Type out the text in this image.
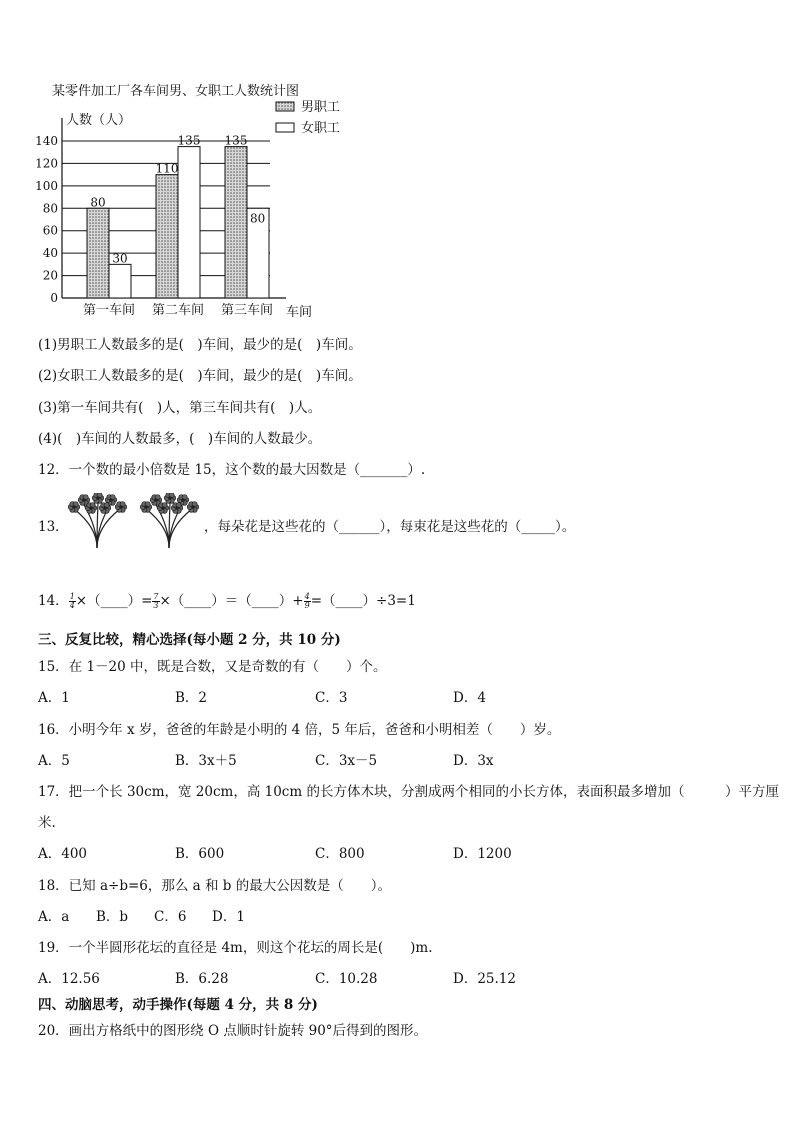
某零件加工厂各车间男、女职工人数统计图
0
20
40
60
80
100
120
140
人数（人）
车间
80
30
第一车间
110
135
第二车间
135
80
第三车间
男职工
女职工
(1)男职工人数最多的是(　)车间，最少的是(　)车间。
(2)女职工人数最多的是(　)车间，最少的是(　)车间。
(3)第一车间共有(　)人，第三车间共有(　)人。
(4)(　)车间的人数最多，(　)车间的人数最少。
12．一个数的最小倍数是 15，这个数的最大因数是（_______）.
13．	，每朵花是这些花的（______），每束花是这些花的（_____）。
14． $\frac{1}{4}$ ×（____）= $\frac{7}{3}$ ×（____）＝（____）+ $\frac{4}{9}$ =（____）÷3=1
三、反复比较，精心选择(每小题 2 分，共 10 分)
15．在 1－20 中，既是合数，又是奇数的有（　　）个。
A．1	B．2	C．3	D．4
16．小明今年 x 岁，爸爸的年龄是小明的 4 倍，5 年后，爸爸和小明相差（　　）岁。
A．5	B．3x＋5	C．3x－5	D．3x
17．把一个长 30cm，宽 20cm，高 10cm 的长方体木块，分割成两个相同的小长方体，表面积最多增加（　　　）平方厘
米.
A．400	B．600	C．800	D．1200
18．已知 a÷b=6，那么 a 和 b 的最大公因数是（　　）。
A．a B．b C．6 D．1
19．一个半圆形花坛的直径是 4m，则这个花坛的周长是(　　)m.
A．12.56	B．6.28	C．10.28	D．25.12
四、动脑思考，动手操作(每题 4 分，共 8 分)
20．画出方格纸中的图形绕 O 点顺时针旋转 90°后得到的图形。
